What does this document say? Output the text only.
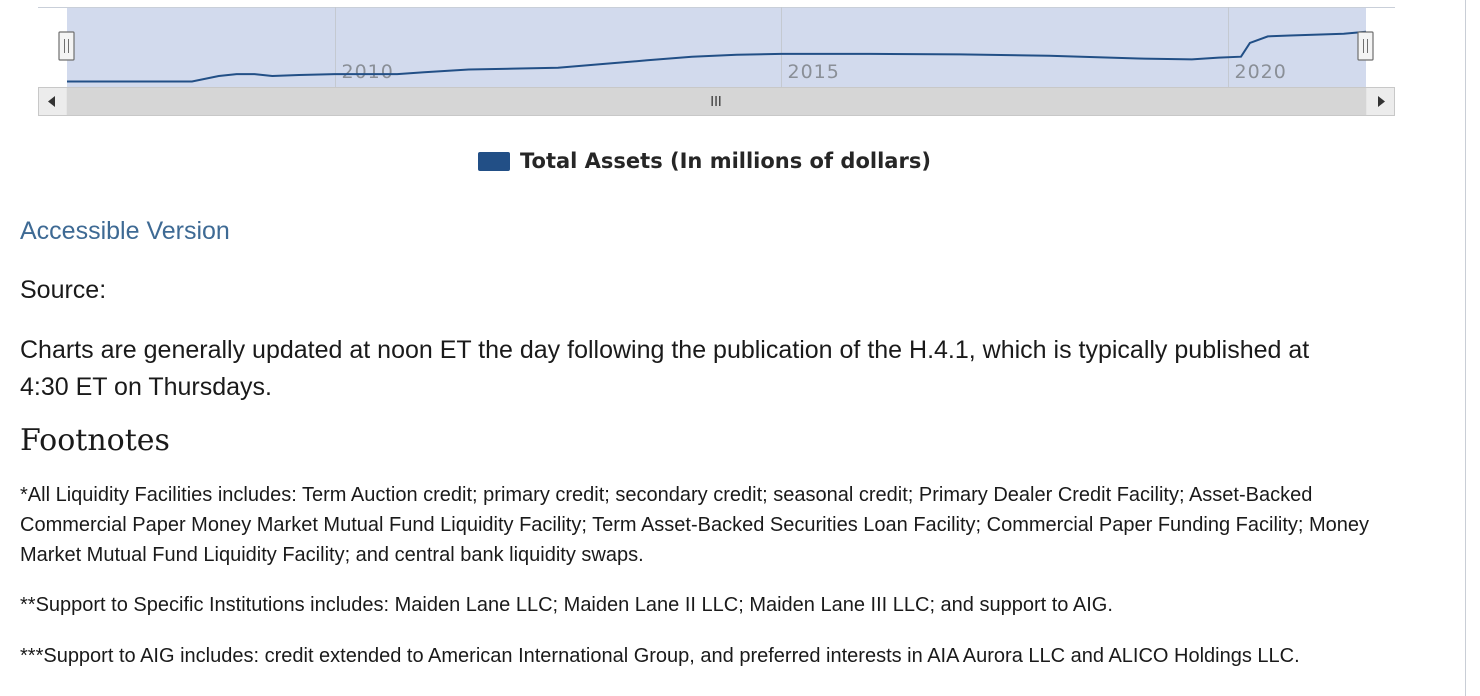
2010	2015	2020
III
Total Assets (In millions of dollars)
Accessible Version
Source:

Charts are generally updated at noon ET the day following the publication of the H.4.1, which is typically published at 4:30 ET on Thursdays.

Footnotes

*All Liquidity Facilities includes: Term Auction credit; primary credit; secondary credit; seasonal credit; Primary Dealer Credit Facility; Asset-Backed Commercial Paper Money Market Mutual Fund Liquidity Facility; Term Asset-Backed Securities Loan Facility; Commercial Paper Funding Facility; Money Market Mutual Fund Liquidity Facility; and central bank liquidity swaps.

**Support to Specific Institutions includes: Maiden Lane LLC; Maiden Lane II LLC; Maiden Lane III LLC; and support to AIG.

***Support to AIG includes: credit extended to American International Group, and preferred interests in AIA Aurora LLC and ALICO Holdings LLC.
